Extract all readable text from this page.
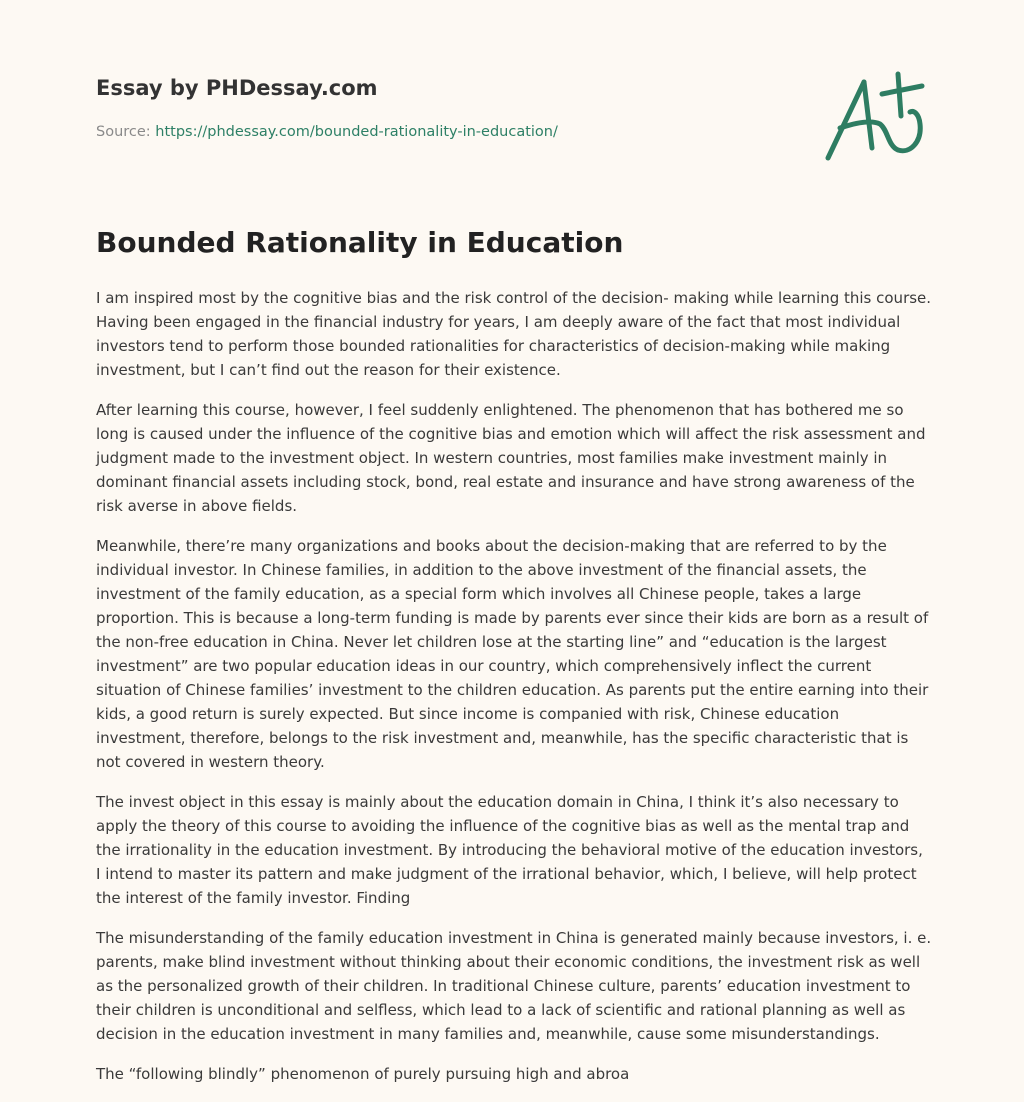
Essay by PHDessay.com

Source: https://phdessay.com/bounded-rationality-in-education/

Bounded Rationality in Education

I am inspired most by the cognitive bias and the risk control of the decision- making while learning this course. Having been engaged in the financial industry for years, I am deeply aware of the fact that most individual investors tend to perform those bounded rationalities for characteristics of decision-making while making investment, but I can’t find out the reason for their existence.

After learning this course, however, I feel suddenly enlightened. The phenomenon that has bothered me so long is caused under the influence of the cognitive bias and emotion which will affect the risk assessment and judgment made to the investment object. In western countries, most families make investment mainly in dominant financial assets including stock, bond, real estate and insurance and have strong awareness of the risk averse in above fields.

Meanwhile, there’re many organizations and books about the decision-making that are referred to by the individual investor. In Chinese families, in addition to the above investment of the financial assets, the investment of the family education, as a special form which involves all Chinese people, takes a large proportion. This is because a long-term funding is made by parents ever since their kids are born as a result of the non-free education in China. Never let children lose at the starting line” and “education is the largest investment” are two popular education ideas in our country, which comprehensively inflect the current situation of Chinese families’ investment to the children education. As parents put the entire earning into their kids, a good return is surely expected. But since income is companied with risk, Chinese education investment, therefore, belongs to the risk investment and, meanwhile, has the specific characteristic that is not covered in western theory.

The invest object in this essay is mainly about the education domain in China, I think it’s also necessary to apply the theory of this course to avoiding the influence of the cognitive bias as well as the mental trap and the irrationality in the education investment. By introducing the behavioral motive of the education investors, I intend to master its pattern and make judgment of the irrational behavior, which, I believe, will help protect the interest of the family investor. Finding

The misunderstanding of the family education investment in China is generated mainly because investors, i. e. parents, make blind investment without thinking about their economic conditions, the investment risk as well as the personalized growth of their children. In traditional Chinese culture, parents’ education investment to their children is unconditional and selfless, which lead to a lack of scientific and rational planning as well as decision in the education investment in many families and, meanwhile, cause some misunderstandings.

The “following blindly” phenomenon of purely pursuing high and abroa
